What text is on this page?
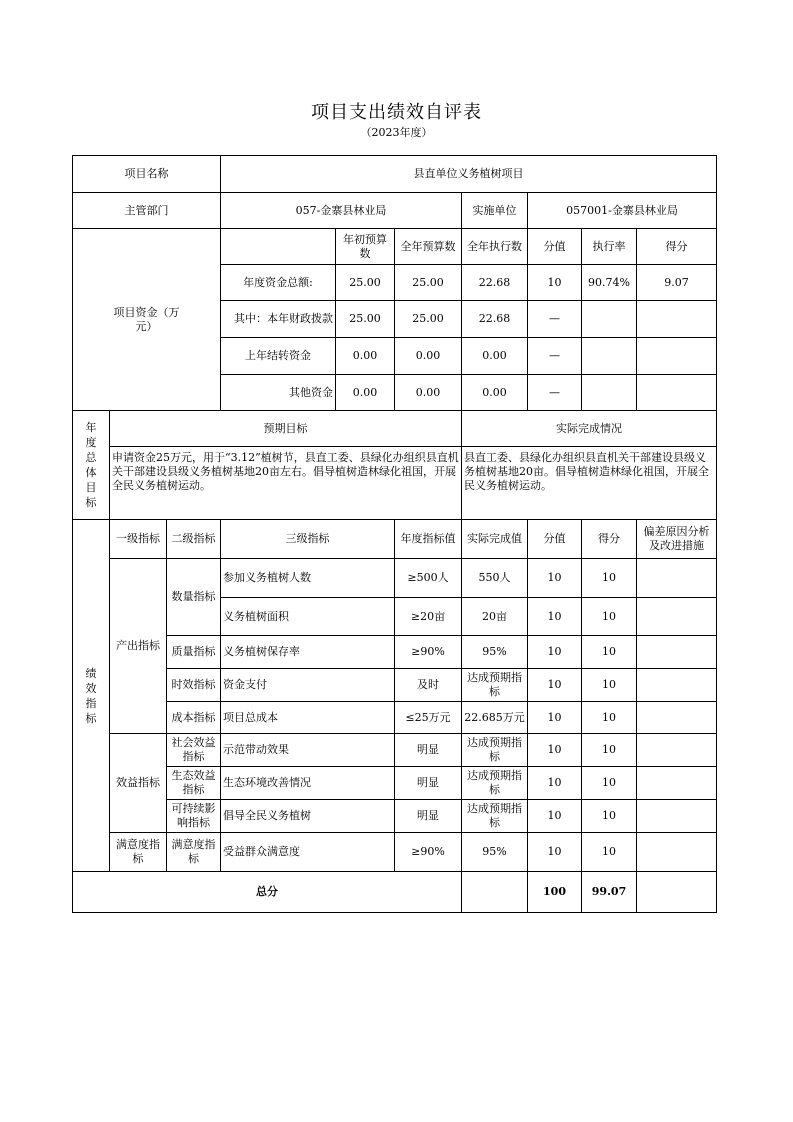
项目支出绩效自评表
（2023年度）
项目名称			县直单位义务植树项目						
主管部门			057-金寨县林业局			实施单位	057001-金寨县林业局		

项目资金（万元）				年初预算数	全年预算数	全年执行数	分值	执行率	得分
			年度资金总额:	25.00	25.00	22.68	10	90.74%	9.07
			其中：本年财政拨款	25.00	25.00	22.68	—		
			上年结转资金	0.00	0.00	0.00	—		
			其他资金	0.00	0.00	0.00	—		

年度总体目标	预期目标					实际完成情况			
	申请资金25万元，用于“3.12”植树节，县直工委、县绿化办组织县直机关干部建设县级义务植树基地20亩左右。倡导植树造林绿化祖国，开展全民义务植树运动。					县直工委、县绿化办组织县直机关干部建设县级义务植树基地20亩。倡导植树造林绿化祖国，开展全民义务植树运动。			

绩效指标	一级指标	二级指标	三级指标		年度指标值	实际完成值	分值	得分	偏差原因分析及改进措施
	产出指标	数量指标	参加义务植树人数		≥500人	550人	10	10	
			义务植树面积		≥20亩	20亩	10	10	
		质量指标	义务植树保存率		≥90%	95%	10	10	
		时效指标	资金支付		及时	达成预期指标	10	10	
		成本指标	项目总成本		≤25万元	22.685万元	10	10	
	效益指标	社会效益指标	示范带动效果		明显	达成预期指标	10	10	
		生态效益指标	生态环境改善情况		明显	达成预期指标	10	10	
		可持续影响指标	倡导全民义务植树		明显	达成预期指标	10	10	
	满意度指标	满意度指标	受益群众满意度		≥90%	95%	10	10	
总分							100	99.07	
